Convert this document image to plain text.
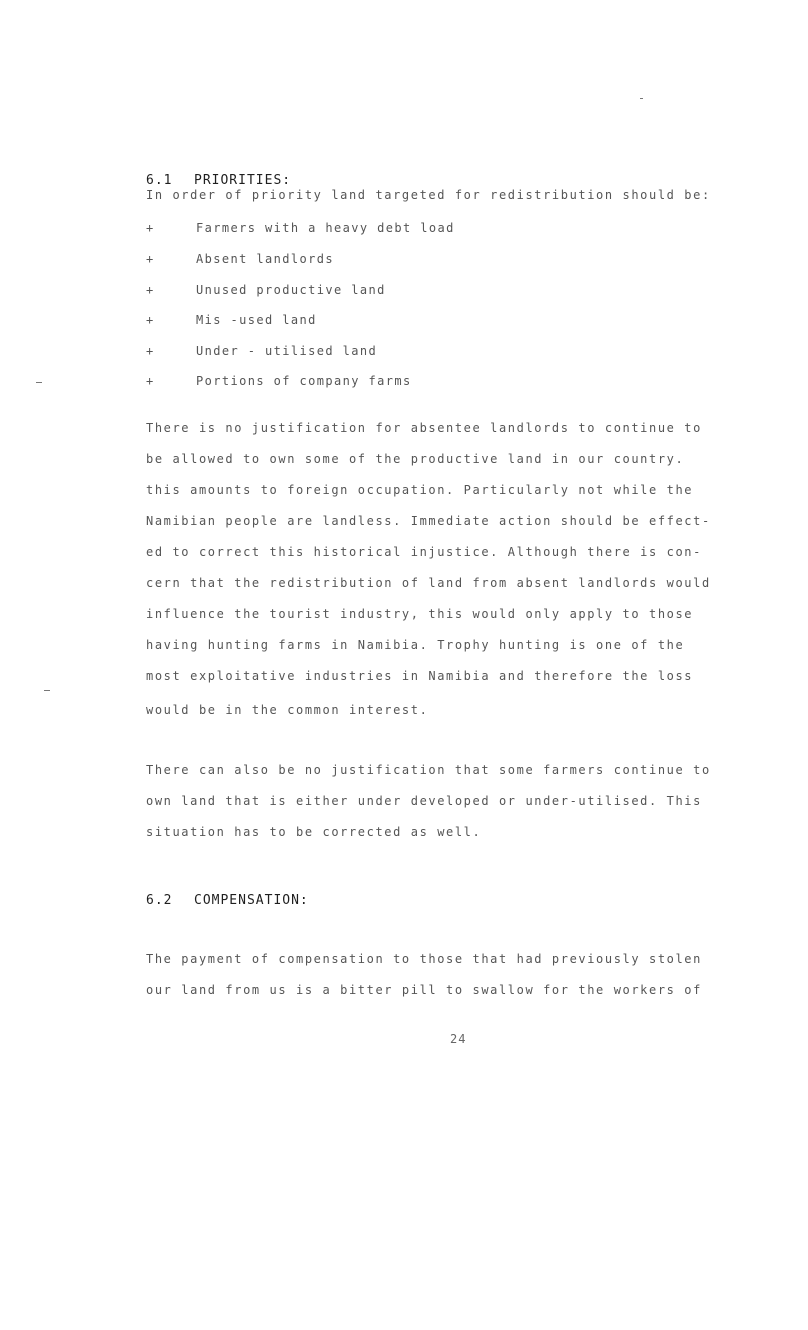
6.1 PRIORITIES:
In order of priority land targeted for redistribution should be:
+	Farmers with a heavy debt load
+	Absent landlords
+	Unused productive land
+	Mis -used land
+	Under - utilised land
+	Portions of company farms
There is no justification for absentee landlords to continue to
be allowed to own some of the productive land in our country.
this amounts to foreign occupation. Particularly not while the
Namibian people are landless. Immediate action should be effect-
ed to correct this historical injustice. Although there is con-
cern that the redistribution of land from absent landlords would
influence the tourist industry, this would only apply to those
having hunting farms in Namibia. Trophy hunting is one of the
most exploitative industries in Namibia and therefore the loss
would be in the common interest.
There can also be no justification that some farmers continue to
own land that is either under developed or under-utilised. This
situation has to be corrected as well.
6.2 COMPENSATION:
The payment of compensation to those that had previously stolen
our land from us is a bitter pill to swallow for the workers of
24
